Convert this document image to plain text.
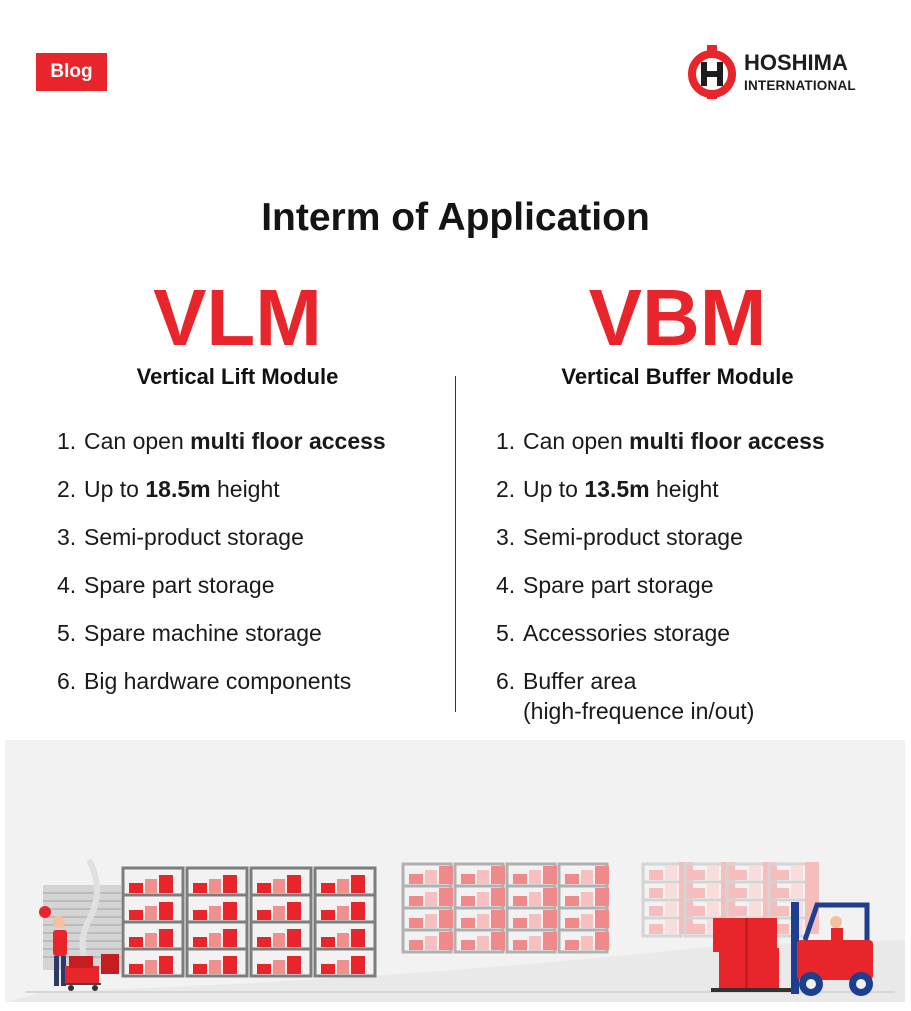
Blog	HOSHIMA
INTERNATIONAL
Interm of Application
VLM
Vertical Lift Module
1. Can open multi floor access
2. Up to 18.5m height
3. Semi-product storage
4. Spare part storage
5. Spare machine storage
6. Big hardware components
VBM
Vertical Buffer Module
1. Can open multi floor access
2. Up to 13.5m height
3. Semi-product storage
4. Spare part storage
5. Accessories storage
6. Buffer area
(high-frequence in/out)
